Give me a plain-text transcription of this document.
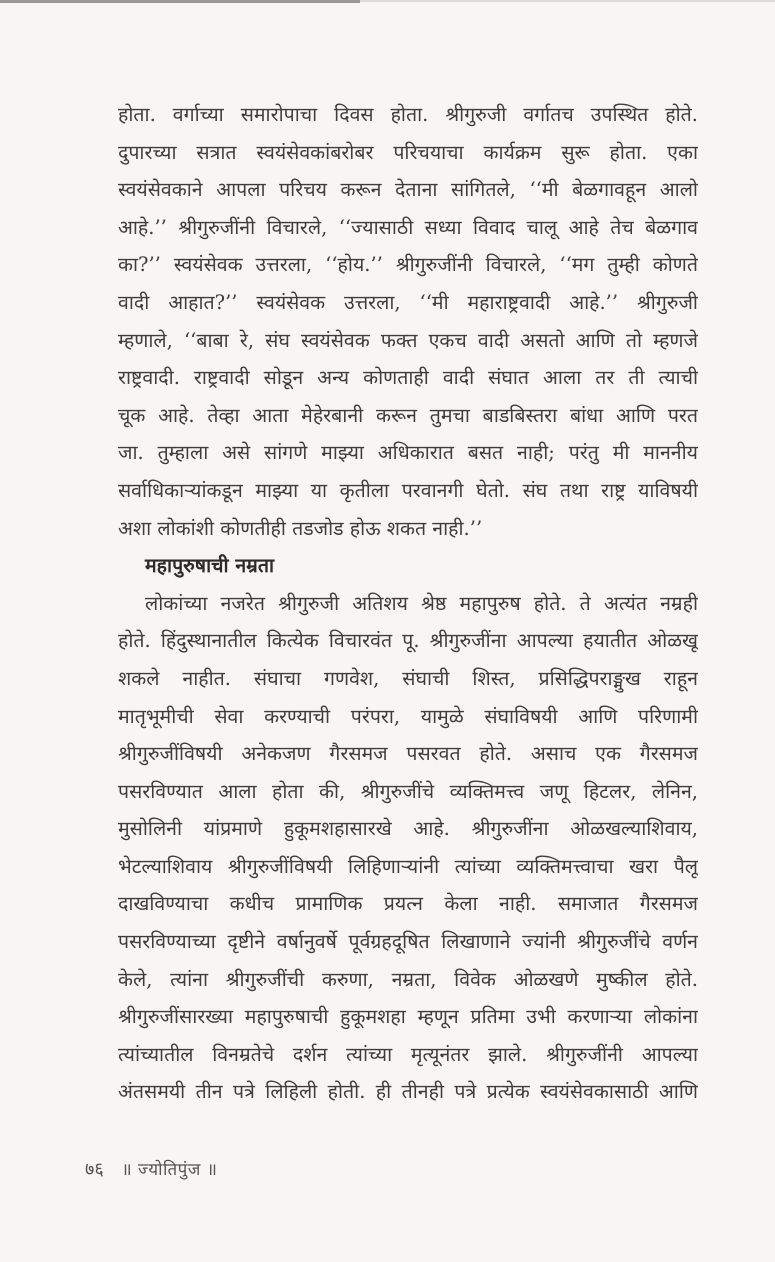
होता. वर्गाच्या समारोपाचा दिवस होता. श्रीगुरुजी वर्गातच उपस्थित होते.
दुपारच्या सत्रात स्वयंसेवकांबरोबर परिचयाचा कार्यक्रम सुरू होता. एका
स्वयंसेवकाने आपला परिचय करून देताना सांगितले, ‘‘मी बेळगावहून आलो
आहे.’’ श्रीगुरुजींनी विचारले, ‘‘ज्यासाठी सध्या विवाद चालू आहे तेच बेळगाव
का?’’ स्वयंसेवक उत्तरला, ‘‘होय.’’ श्रीगुरुजींनी विचारले, ‘‘मग तुम्ही कोणते
वादी आहात?’’ स्वयंसेवक उत्तरला, ‘‘मी महाराष्ट्रवादी आहे.’’ श्रीगुरुजी
म्हणाले, ‘‘बाबा रे, संघ स्वयंसेवक फक्त एकच वादी असतो आणि तो म्हणजे
राष्ट्रवादी. राष्ट्रवादी सोडून अन्य कोणताही वादी संघात आला तर ती त्याची
चूक आहे. तेव्हा आता मेहेरबानी करून तुमचा बाडबिस्तरा बांधा आणि परत
जा. तुम्हाला असे सांगणे माझ्या अधिकारात बसत नाही; परंतु मी माननीय
सर्वाधिकाऱ्यांकडून माझ्या या कृतीला परवानगी घेतो. संघ तथा राष्ट्र याविषयी
अशा लोकांशी कोणतीही तडजोड होऊ शकत नाही.’’
महापुरुषाची नम्रता
लोकांच्या नजरेत श्रीगुरुजी अतिशय श्रेष्ठ महापुरुष होते. ते अत्यंत नम्रही
होते. हिंदुस्थानातील कित्येक विचारवंत पू. श्रीगुरुजींना आपल्या हयातीत ओळखू
शकले नाहीत. संघाचा गणवेश, संघाची शिस्त, प्रसिद्धिपराङ्मुख राहून
मातृभूमीची सेवा करण्याची परंपरा, यामुळे संघाविषयी आणि परिणामी
श्रीगुरुजींविषयी अनेकजण गैरसमज पसरवत होते. असाच एक गैरसमज
पसरविण्यात आला होता की, श्रीगुरुजींचे व्यक्तिमत्त्व जणू हिटलर, लेनिन,
मुसोलिनी यांप्रमाणे हुकूमशहासारखे आहे. श्रीगुरुजींना ओळखल्याशिवाय,
भेटल्याशिवाय श्रीगुरुजींविषयी लिहिणाऱ्यांनी त्यांच्या व्यक्तिमत्त्वाचा खरा पैलू
दाखविण्याचा कधीच प्रामाणिक प्रयत्न केला नाही. समाजात गैरसमज
पसरविण्याच्या दृष्टीने वर्षानुवर्षे पूर्वग्रहदूषित लिखाणाने ज्यांनी श्रीगुरुजींचे वर्णन
केले, त्यांना श्रीगुरुजींची करुणा, नम्रता, विवेक ओळखणे मुष्कील होते.
श्रीगुरुजींसारख्या महापुरुषाची हुकूमशहा म्हणून प्रतिमा उभी करणाऱ्या लोकांना
त्यांच्यातील विनम्रतेचे दर्शन त्यांच्या मृत्यूनंतर झाले. श्रीगुरुजींनी आपल्या
अंतसमयी तीन पत्रे लिहिली होती. ही तीनही पत्रे प्रत्येक स्वयंसेवकासाठी आणि
७६ ॥ ज्योतिपुंज ॥
